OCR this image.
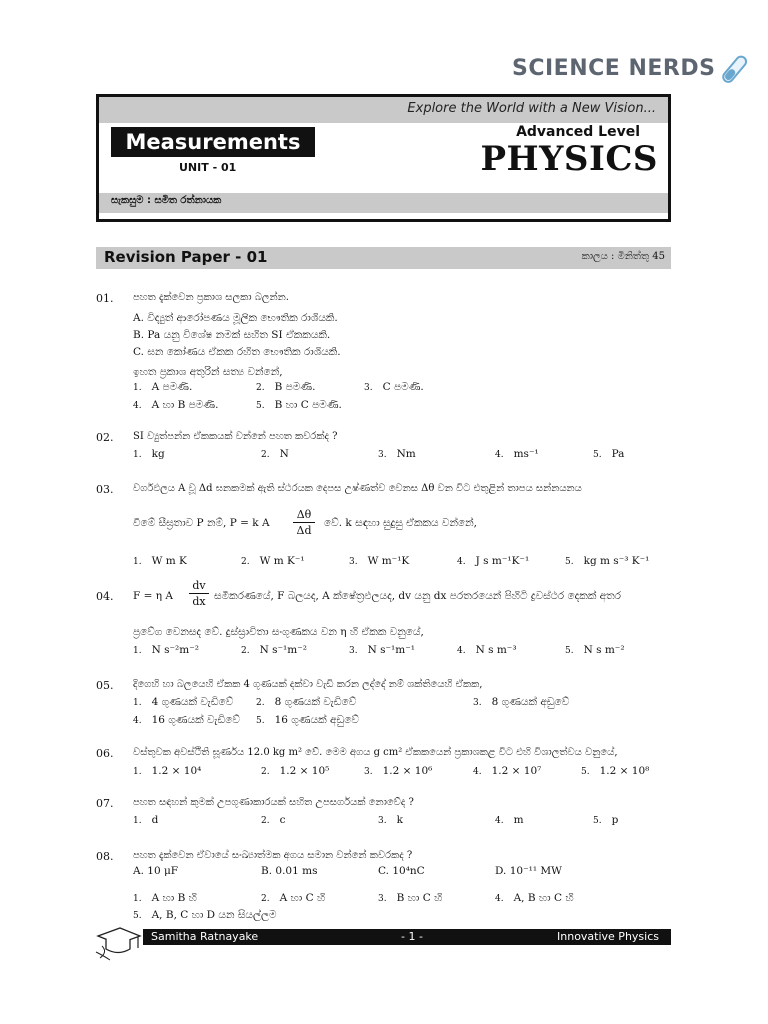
SCIENCE NERDS
Explore the World with a New Vision...
Measurements
UNIT - 01
Advanced Level
PHYSICS
සැකසුම : සමිත රත්නායක
Revision Paper - 01	කාලය : මිනිත්තු 45
01. පහත දැක්වෙන ප්‍රකාශ සලකා බලන්න.
A. විද්‍යුත් ආරෝපණය මූලික භෞතික රාශියකි.
B. Pa යනු විශේෂ නමක් සහිත SI ඒකකයකි.
C. ඝන කෝණය ඒකක රහිත භෞතික රාශියකි.
ඉහත ප්‍රකාශ අතුරින් සත්‍ය වන්නේ,
1. A පමණි.	2. B පමණි.	3. C පමණි.
4. A හා B පමණි.	5. B හා C පමණි.
02. SI ව්‍යුත්පන්න ඒකකයක් වන්නේ පහත කවරක්ද ?
1. kg	2. N	3. Nm	4. ms⁻¹	5. Pa
03. වර්ගඵලය A වූ Δd ඝනකමක් ඇති ස්ථරයක දෙපස උෂ්ණත්ව වෙනස Δθ වන විට එතුළින් තාපය සන්නයනය
වීමේ සීඝ්‍රතාව P නම්, P = k A
Δθ
Δd
වේ. k සඳහා සුදුසු ඒකකය වන්නේ,
1. W m K	2. W m K⁻¹	3. W m⁻¹K	4. J s m⁻¹K⁻¹	5. kg m s⁻³ K⁻¹
04. F = η A
dv
dx සමීකරණයේ, F බලයද, A ක්ෂේත්‍රඵලයද, dv යනු dx පරතරයෙන් පිහිටි ද්‍රවස්ථර දෙකක් අතර
ප්‍රවේග වෙනසද වේ. දුස්ස්‍රාවිතා සංගුණකය වන η හි ඒකක වනුයේ,
1. N s⁻²m⁻²	2. N s⁻¹m⁻²	3. N s⁻¹m⁻¹	4. N s m⁻³	5. N s m⁻²
05. දිගෙහි හා බලයෙහි ඒකක 4 ගුණයක් දක්වා වැඩි කරන ලද්දේ නම් ශක්තියෙහි ඒකක,
1. 4 ගුණයක් වැඩිවේ	2. 8 ගුණයක් වැඩිවේ	3. 8 ගුණයක් අඩුවේ
4. 16 ගුණයක් වැඩිවේ 5. 16 ගුණයක් අඩුවේ
06. වස්තුවක අවස්ථිති ඝූර්ණය 12.0 kg m² වේ. මෙම අගය g cm² ඒකකයෙන් ප්‍රකාශකළ විට එහි විශාලත්වය වනුයේ,
1. 1.2 × 10⁴	2. 1.2 × 10⁵	3. 1.2 × 10⁶	4. 1.2 × 10⁷	5. 1.2 × 10⁸
07. පහත සඳහන් කුමක් උපගුණාකාරයක් සහිත උපසර්ගයක් නොවේද ?
1. d	2. c	3. k	4. m	5. p
08. පහත දැක්වෙන ඒවායේ සංඛ්‍යාත්මක අගය සමාන වන්නේ කවරකද ?
A. 10 μF	B. 0.01 ms	C. 10⁴nC	D. 10⁻¹¹ MW
1. A හා B හි	2. A හා C හි	3. B හා C හි	4. A, B හා C හි
5. A, B, C හා D යන සියල්ලම
Samitha Ratnayake	- 1 -	Innovative Physics
